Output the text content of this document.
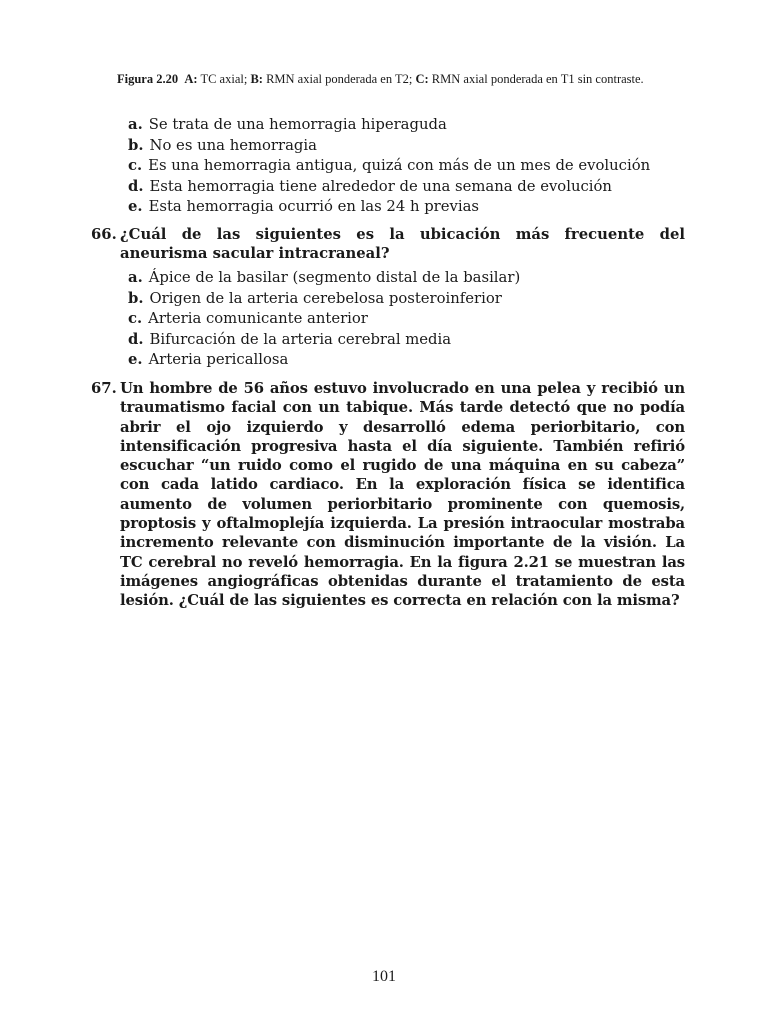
Figura 2.20 A: TC axial; B: RMN axial ponderada en T2; C: RMN axial ponderada en T1 sin contraste.
a. Se trata de una hemorragia hiperaguda
b. No es una hemorragia
c. Es una hemorragia antigua, quizá con más de un mes de evolución
d. Esta hemorragia tiene alrededor de una semana de evolución
e. Esta hemorragia ocurrió en las 24 h previas
66. ¿Cuál de las siguientes es la ubicación más frecuente del aneurisma sacular intracraneal?
a. Ápice de la basilar (segmento distal de la basilar)
b. Origen de la arteria cerebelosa posteroinferior
c. Arteria comunicante anterior
d. Bifurcación de la arteria cerebral media
e. Arteria pericallosa
67. Un hombre de 56 años estuvo involucrado en una pelea y recibió un traumatismo facial con un tabique. Más tarde detectó que no podía abrir el ojo izquierdo y desarrolló edema periorbitario, con intensificación progresiva hasta el día siguiente. También refirió escuchar “un ruido como el rugido de una máquina en su cabeza” con cada latido cardiaco. En la exploración física se identifica aumento de volumen periorbitario prominente con quemosis, proptosis y oftalmoplejía izquierda. La presión intraocular mostraba incremento relevante con disminución importante de la visión. La TC cerebral no reveló hemorragia. En la figura 2.21 se muestran las imágenes angiográficas obtenidas durante el tratamiento de esta lesión. ¿Cuál de las siguientes es correcta en relación con la misma?
101
